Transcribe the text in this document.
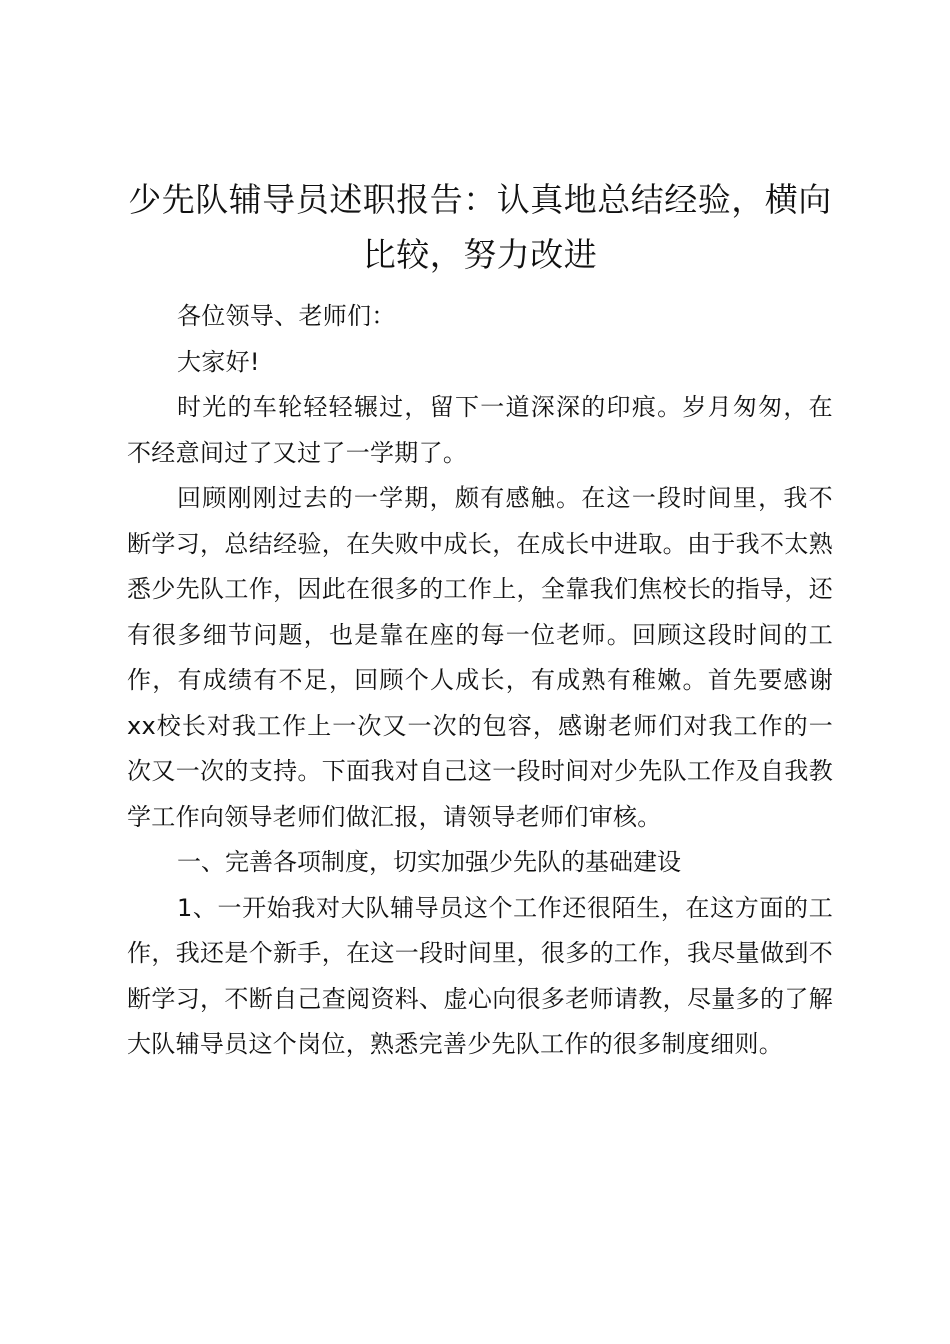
少先队辅导员述职报告：认真地总结经验，横向比较，努力改进

各位领导、老师们：

大家好!

时光的车轮轻轻辗过，留下一道深深的印痕。岁月匆匆，在不经意间过了又过了一学期了。

回顾刚刚过去的一学期，颇有感触。在这一段时间里，我不断学习，总结经验，在失败中成长，在成长中进取。由于我不太熟悉少先队工作，因此在很多的工作上，全靠我们焦校长的指导，还有很多细节问题，也是靠在座的每一位老师。回顾这段时间的工作，有成绩有不足，回顾个人成长，有成熟有稚嫩。首先要感谢xx校长对我工作上一次又一次的包容，感谢老师们对我工作的一次又一次的支持。下面我对自己这一段时间对少先队工作及自我教学工作向领导老师们做汇报，请领导老师们审核。

一、完善各项制度，切实加强少先队的基础建设

1、一开始我对大队辅导员这个工作还很陌生，在这方面的工作，我还是个新手，在这一段时间里，很多的工作，我尽量做到不断学习，不断自己查阅资料、虚心向很多老师请教，尽量多的了解大队辅导员这个岗位，熟悉完善少先队工作的很多制度细则。
